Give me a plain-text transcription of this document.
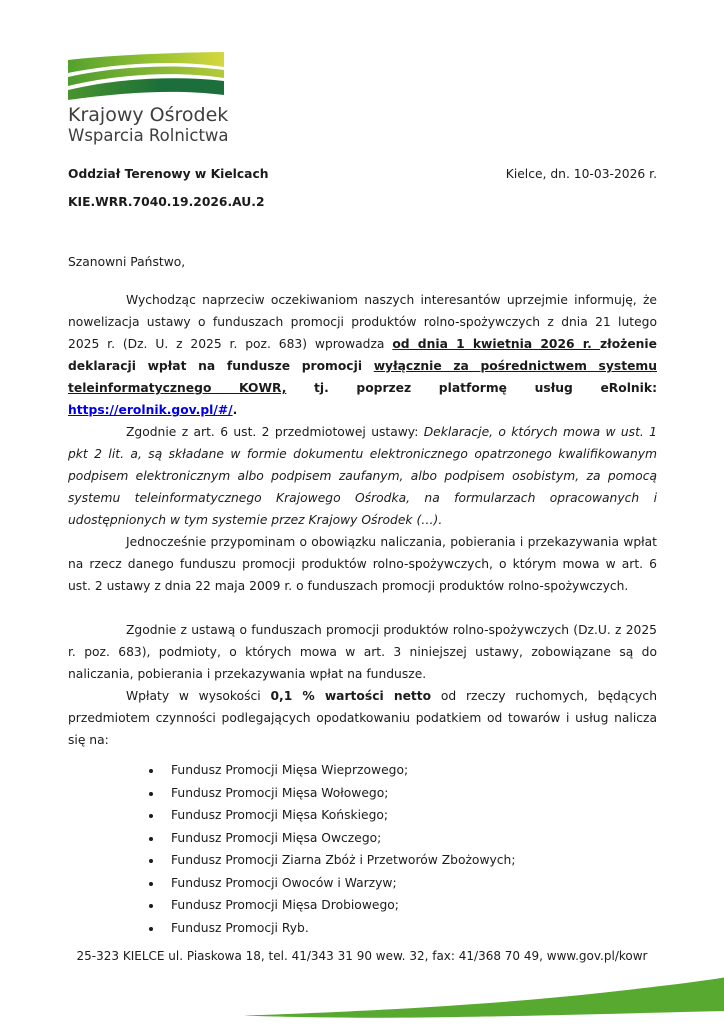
Krajowy Ośrodek
Wsparcia Rolnictwa
Oddział Terenowy w Kielcach	Kielce, dn. 10-03-2026 r.
KIE.WRR.7040.19.2026.AU.2
Szanowni Państwo,

Wychodząc naprzeciw oczekiwaniom naszych interesantów uprzejmie informuję, że nowelizacja ustawy o funduszach promocji produktów rolno-spożywczych z dnia 21 lutego 2025 r. (Dz. U. z 2025 r. poz. 683) wprowadza od dnia 1 kwietnia 2026 r. złożenie deklaracji wpłat na fundusze promocji wyłącznie za pośrednictwem systemu teleinformatycznego KOWR, tj. poprzez platformę usług eRolnik: https://erolnik.gov.pl/#/.

Zgodnie z art. 6 ust. 2 przedmiotowej ustawy: Deklaracje, o których mowa w ust. 1 pkt 2 lit. a, są składane w formie dokumentu elektronicznego opatrzonego kwalifikowanym podpisem elektronicznym albo podpisem zaufanym, albo podpisem osobistym, za pomocą systemu teleinformatycznego Krajowego Ośrodka, na formularzach opracowanych i udostępnionych w tym systemie przez Krajowy Ośrodek (…).

Jednocześnie przypominam o obowiązku naliczania, pobierania i przekazywania wpłat na rzecz danego funduszu promocji produktów rolno-spożywczych, o którym mowa w art. 6 ust. 2 ustawy z dnia 22 maja 2009 r. o funduszach promocji produktów rolno-spożywczych.

Zgodnie z ustawą o funduszach promocji produktów rolno-spożywczych (Dz.U. z 2025 r. poz. 683), podmioty, o których mowa w art. 3 niniejszej ustawy, zobowiązane są do naliczania, pobierania i przekazywania wpłat na fundusze.

Wpłaty w wysokości 0,1 % wartości netto od rzeczy ruchomych, będących przedmiotem czynności podlegających opodatkowaniu podatkiem od towarów i usług nalicza się na:

• Fundusz Promocji Mięsa Wieprzowego;
• Fundusz Promocji Mięsa Wołowego;
• Fundusz Promocji Mięsa Końskiego;
• Fundusz Promocji Mięsa Owczego;
• Fundusz Promocji Ziarna Zbóż i Przetworów Zbożowych;
• Fundusz Promocji Owoców i Warzyw;
• Fundusz Promocji Mięsa Drobiowego;
• Fundusz Promocji Ryb.
25-323 KIELCE ul. Piaskowa 18, tel. 41/343 31 90 wew. 32, fax: 41/368 70 49, www.gov.pl/kowr
